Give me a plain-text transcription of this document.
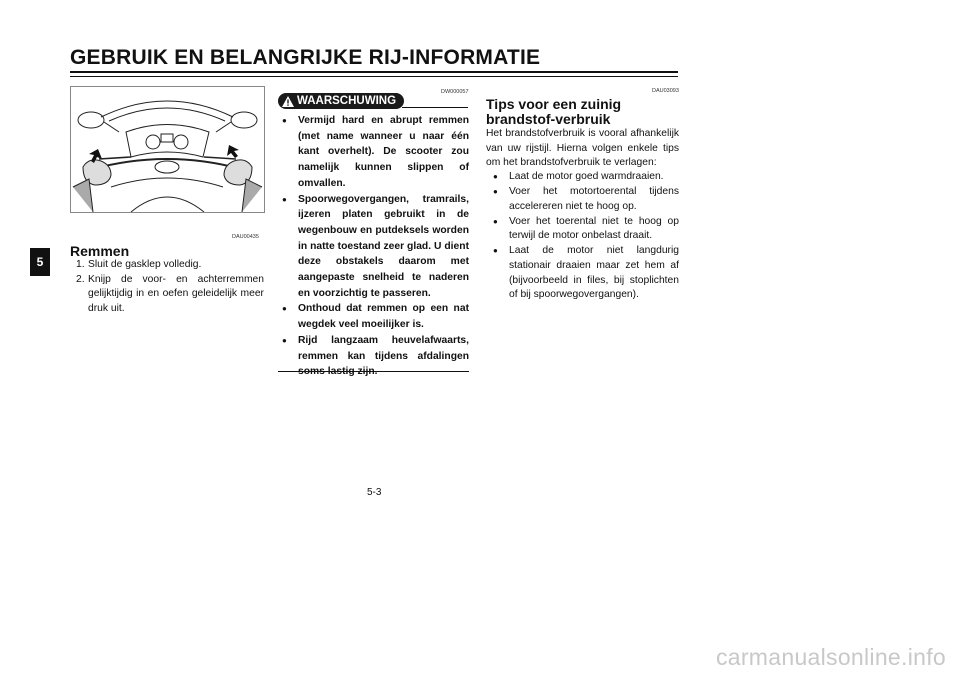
GEBRUIK EN BELANGRIJKE RIJ-INFORMATIE
5
DAU00435
Remmen
1. Sluit de gasklep volledig.
2. Knijp de voor- en achterremmen gelijktijdig in en oefen geleidelijk meer druk uit.
DW000057
WAARSCHUWING
●	Vermijd hard en abrupt remmen (met name wanneer u naar één kant overhelt). De scooter zou namelijk kunnen slippen of omvallen.
●	Spoorwegovergangen, tramrails, ijzeren platen gebruikt in de wegenbouw en putdeksels worden in natte toestand zeer glad. U dient deze obstakels daarom met aangepaste snelheid te naderen en voorzichtig te passeren.
●	Onthoud dat remmen op een nat wegdek veel moeilijker is.
●	Rijd langzaam heuvelafwaarts, remmen kan tijdens afdalingen
DAU03093
Tips voor een zuinig brandstof-verbruik
Het brandstofverbruik is vooral afhankelijk van uw rijstijl. Hierna volgen enkele tips om het brandstofverbruik te verlagen:
●	Laat de motor goed warmdraaien.
●	Voer het motortoerental tijdens accelereren niet te hoog op.
●	Voer het toerental niet te hoog op terwijl de motor onbelast draait.
●	Laat de motor niet langdurig stationair draaien maar zet hem af (bijvoorbeeld in files, bij stoplichten of bij spoorwegovergangen).
5-3
carmanualsonline.info
